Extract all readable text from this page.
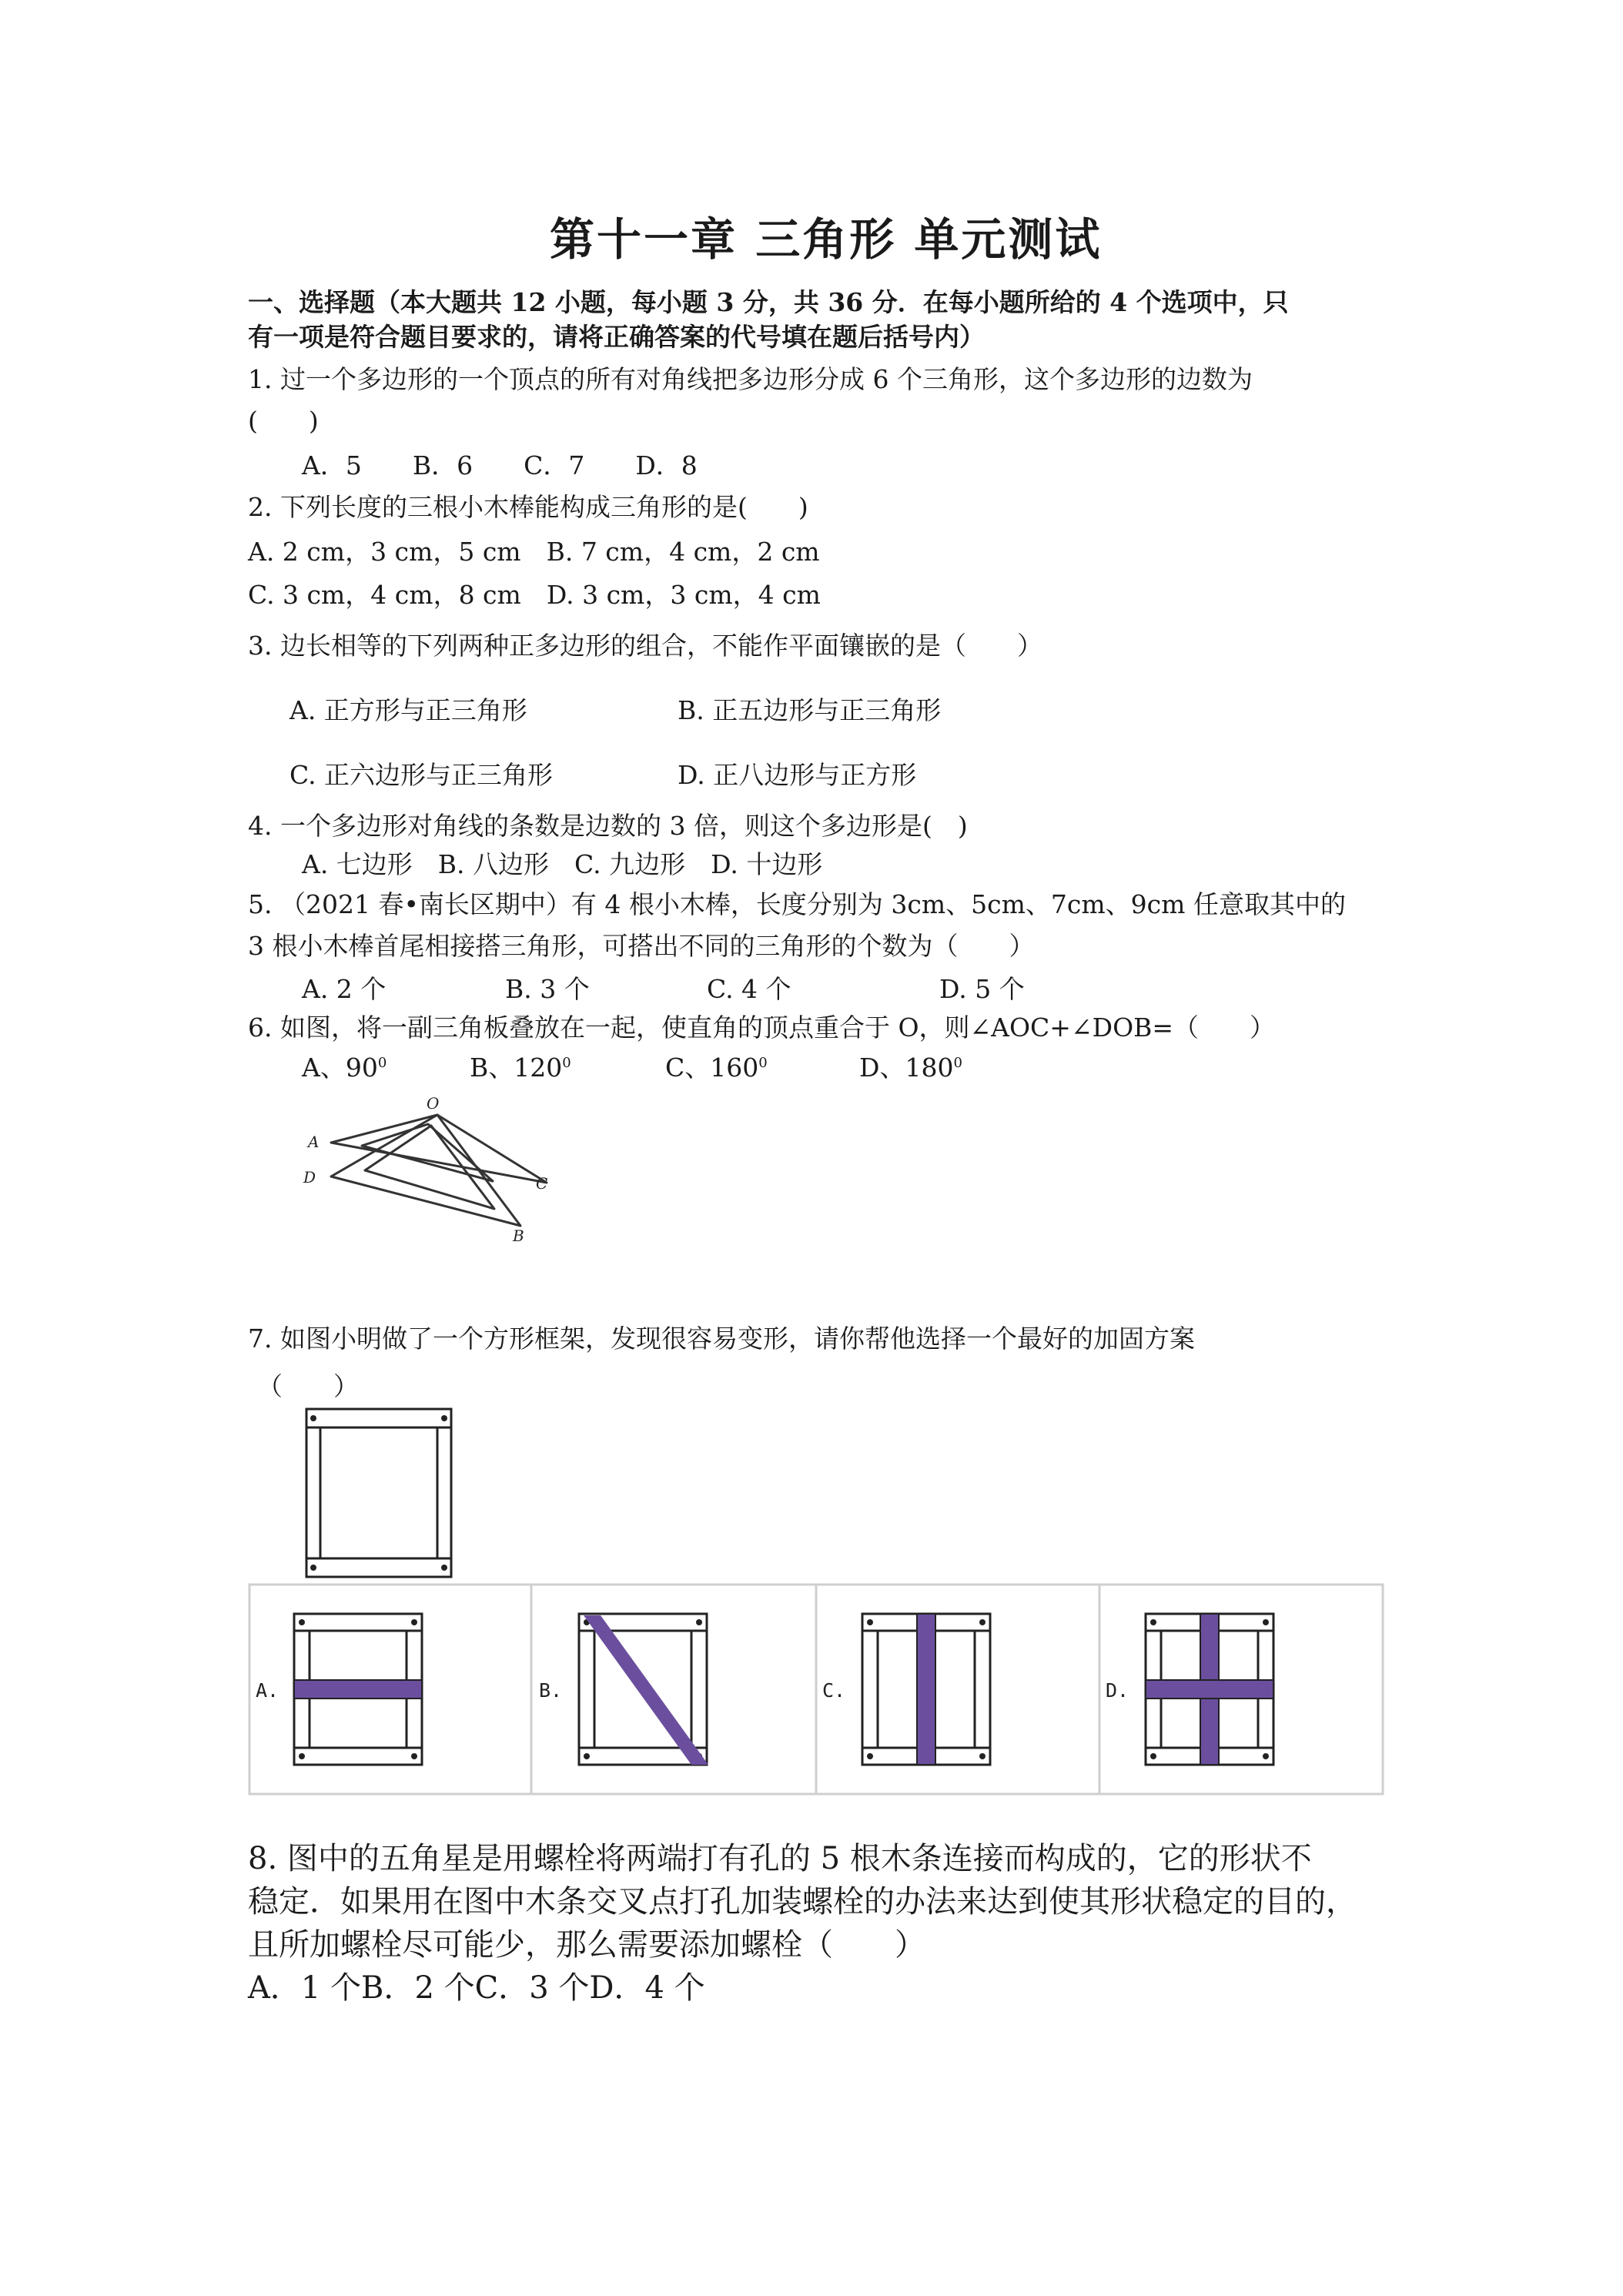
第十一章 三角形 单元测试
一、选择题（本大题共 12 小题，每小题 3 分，共 36 分．在每小题所给的 4 个选项中，只
有一项是符合题目要求的，请将正确答案的代号填在题后括号内）
1. 过一个多边形的一个顶点的所有对角线把多边形分成 6 个三角形，这个多边形的边数为
(　　)
A．5　　B．6　　C．7　　D．8
2. 下列长度的三根小木棒能构成三角形的是(　　)
A. 2 cm，3 cm，5 cm　B. 7 cm，4 cm，2 cm
C. 3 cm，4 cm，8 cm　D. 3 cm，3 cm，4 cm
3. 边长相等的下列两种正多边形的组合，不能作平面镶嵌的是（　　）
A. 正方形与正三角形	B. 正五边形与正三角形
C. 正六边形与正三角形	D. 正八边形与正方形
4. 一个多边形对角线的条数是边数的 3 倍，则这个多边形是(　)
A. 七边形　B. 八边形　C. 九边形　D. 十边形
5. （2021 春•南长区期中）有 4 根小木棒，长度分别为 3cm、5cm、7cm、9cm 任意取其中的
3 根小木棒首尾相接搭三角形，可搭出不同的三角形的个数为（　　）
A. 2 个	B. 3 个	C. 4 个	D. 5 个
6. 如图，将一副三角板叠放在一起，使直角的顶点重合于 O，则∠AOC+∠DOB=（　　）
A、$90^0$	B、$120^0$	C、$160^0$	D、$180^0$
O
A
D	C
B
7. 如图小明做了一个方形框架，发现很容易变形，请你帮他选择一个最好的加固方案
（　　）
A.	B.	C.	D.
8. 图中的五角星是用螺栓将两端打有孔的 5 根木条连接而构成的，它的形状不
稳定．如果用在图中木条交叉点打孔加装螺栓的办法来达到使其形状稳定的目的，
且所加螺栓尽可能少，那么需要添加螺栓（　　）
A．1 个B．2 个C．3 个D．4 个
